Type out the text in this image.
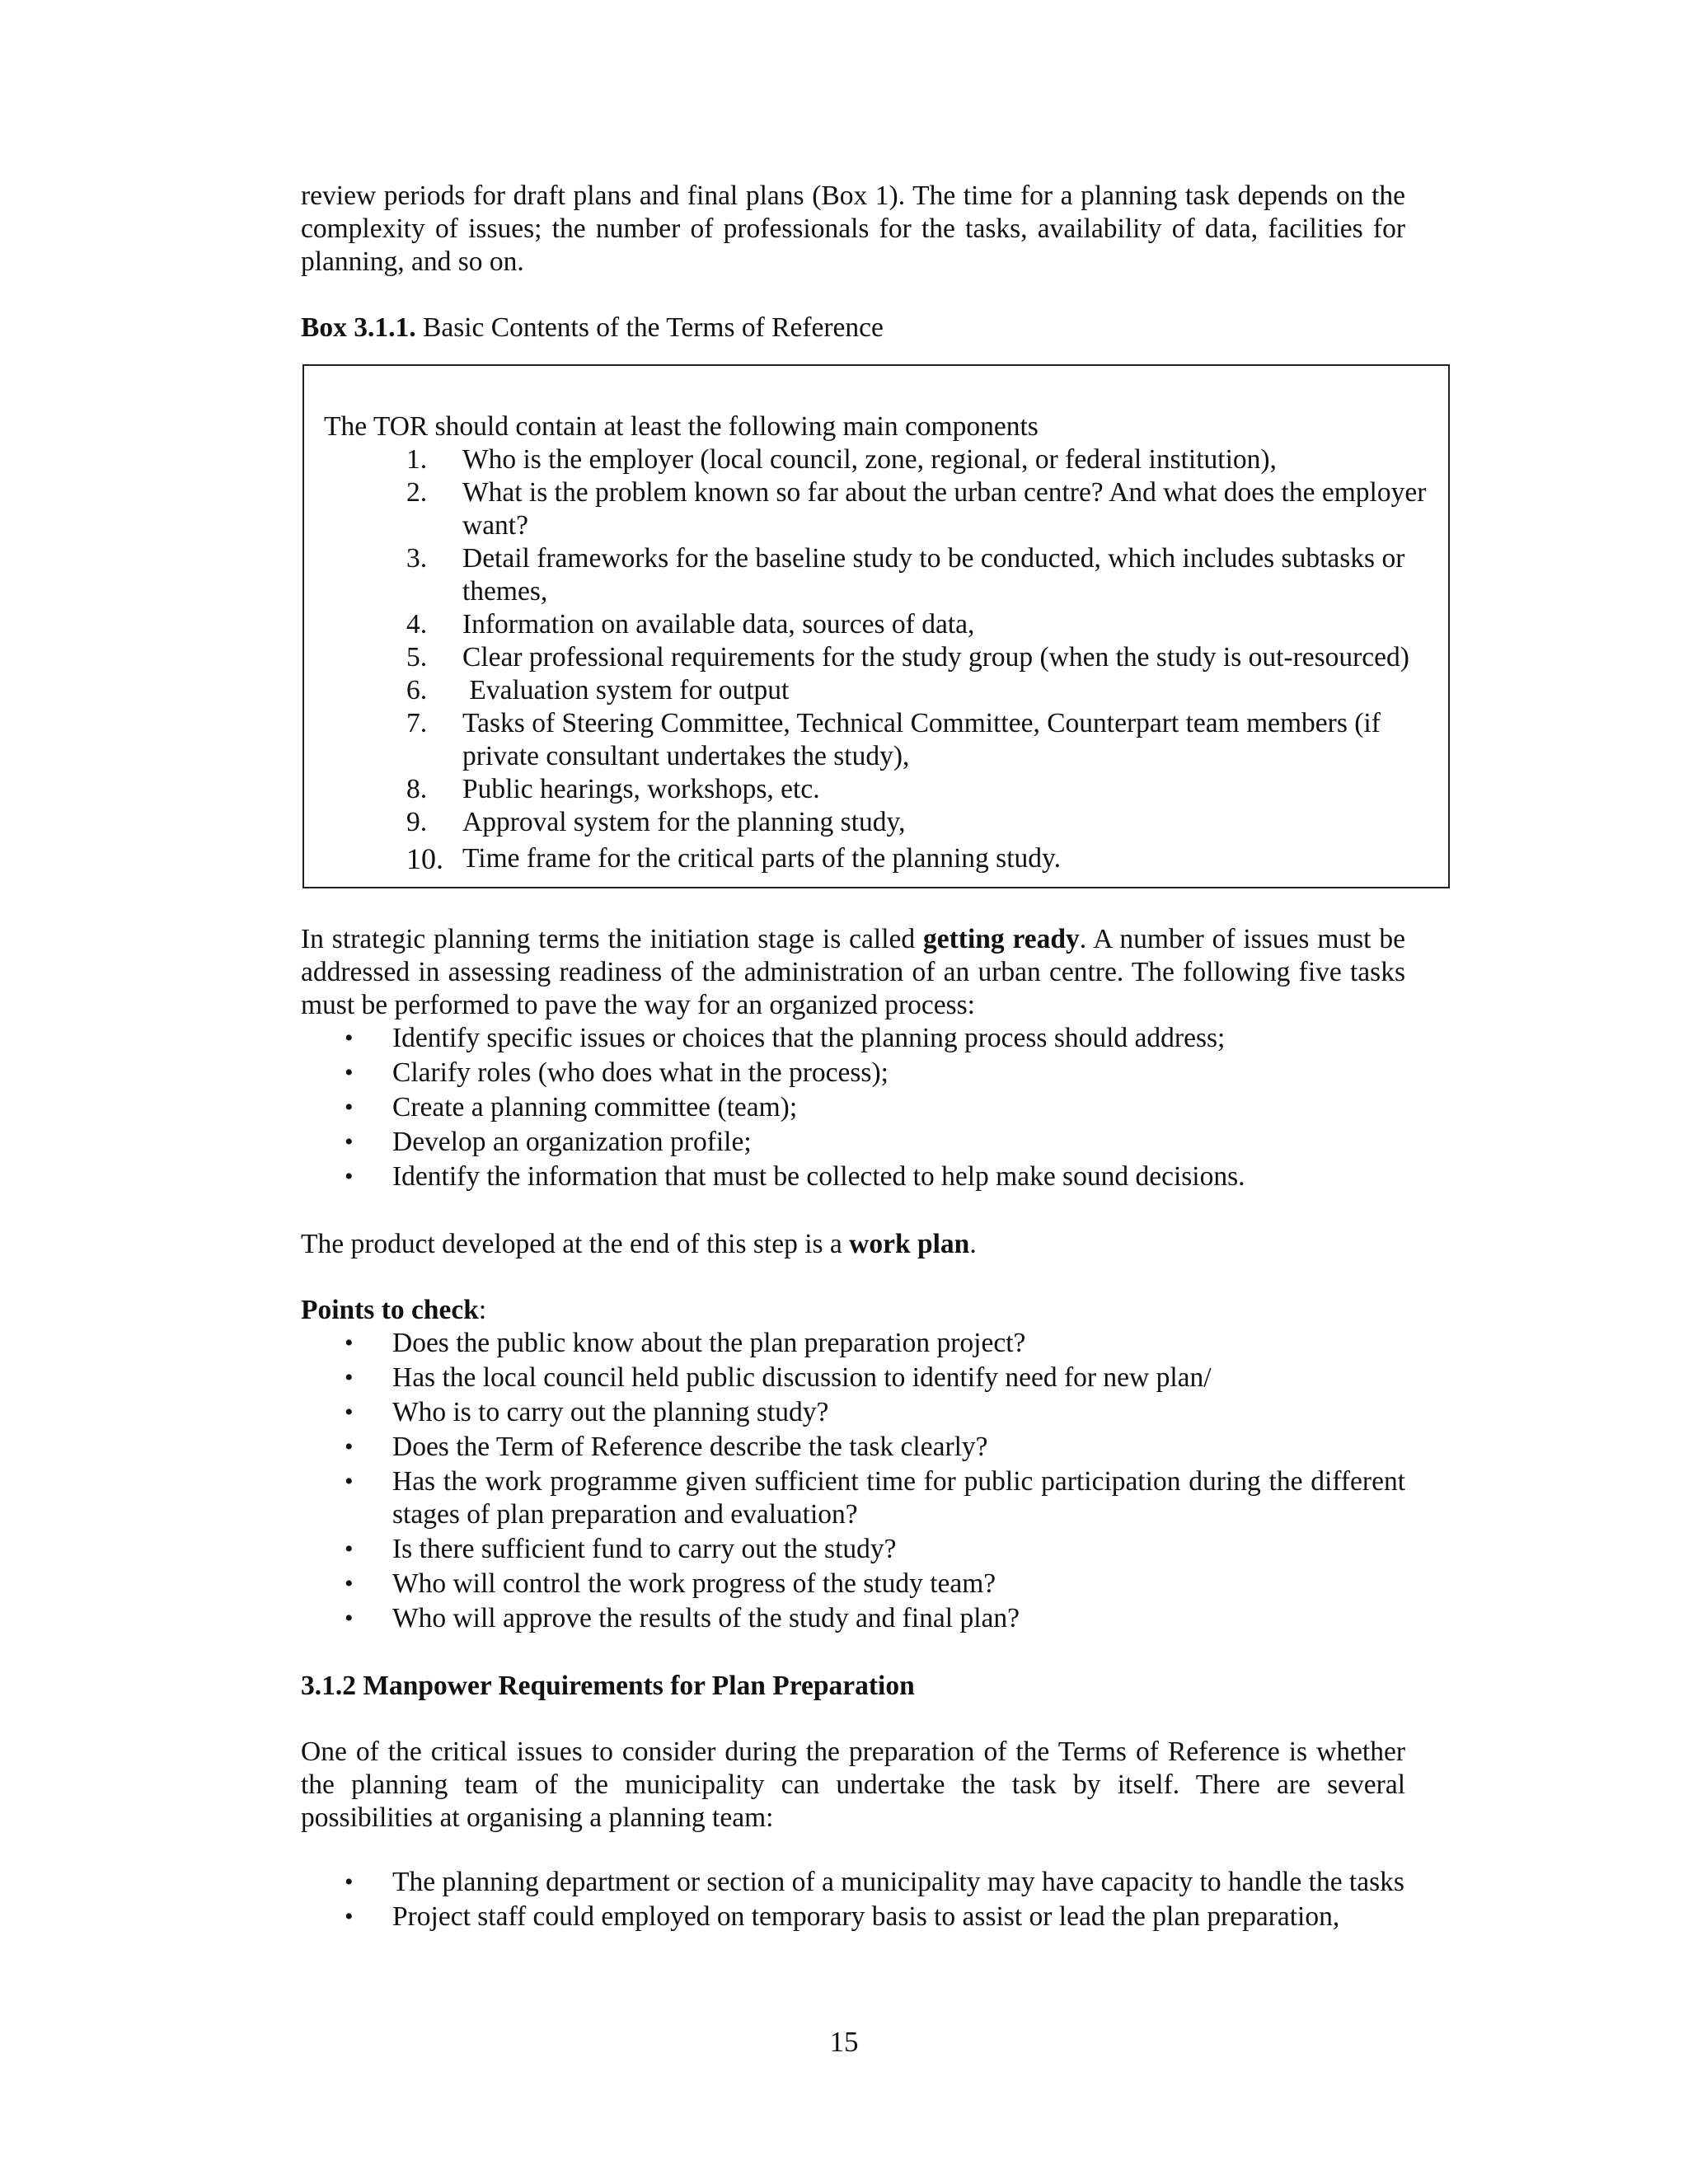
review periods for draft plans and final plans (Box 1). The time for a planning task depends on the complexity of issues; the number of professionals for the tasks, availability of data, facilities for planning, and so on.

Box 3.1.1. Basic Contents of the Terms of Reference

The TOR should contain at least the following main components

1.	Who is the employer (local council, zone, regional, or federal institution),
2.	What is the problem known so far about the urban centre? And what does the employer want?
3.	Detail frameworks for the baseline study to be conducted, which includes subtasks or themes,
4.	Information on available data, sources of data,
5.	Clear professional requirements for the study group (when the study is out-resourced)
6.	Evaluation system for output
7.	Tasks of Steering Committee, Technical Committee, Counterpart team members (if private consultant undertakes the study),
8.	Public hearings, workshops, etc.
9.	Approval system for the planning study,
10. Time frame for the critical parts of the planning study.

In strategic planning terms the initiation stage is called getting ready. A number of issues must be addressed in assessing readiness of the administration of an urban centre. The following five tasks must be performed to pave the way for an organized process:

• Identify specific issues or choices that the planning process should address;
• Clarify roles (who does what in the process);
• Create a planning committee (team);
• Develop an organization profile;
• Identify the information that must be collected to help make sound decisions.

The product developed at the end of this step is a work plan.

Points to check:

• Does the public know about the plan preparation project?
• Has the local council held public discussion to identify need for new plan/
• Who is to carry out the planning study?
• Does the Term of Reference describe the task clearly?
• Has the work programme given sufficient time for public participation during the different stages of plan preparation and evaluation?
• Is there sufficient fund to carry out the study?
• Who will control the work progress of the study team?
• Who will approve the results of the study and final plan?

3.1.2 Manpower Requirements for Plan Preparation

One of the critical issues to consider during the preparation of the Terms of Reference is whether the planning team of the municipality can undertake the task by itself. There are several possibilities at organising a planning team:

• The planning department or section of a municipality may have capacity to handle the tasks
• Project staff could employed on temporary basis to assist or lead the plan preparation,
15
